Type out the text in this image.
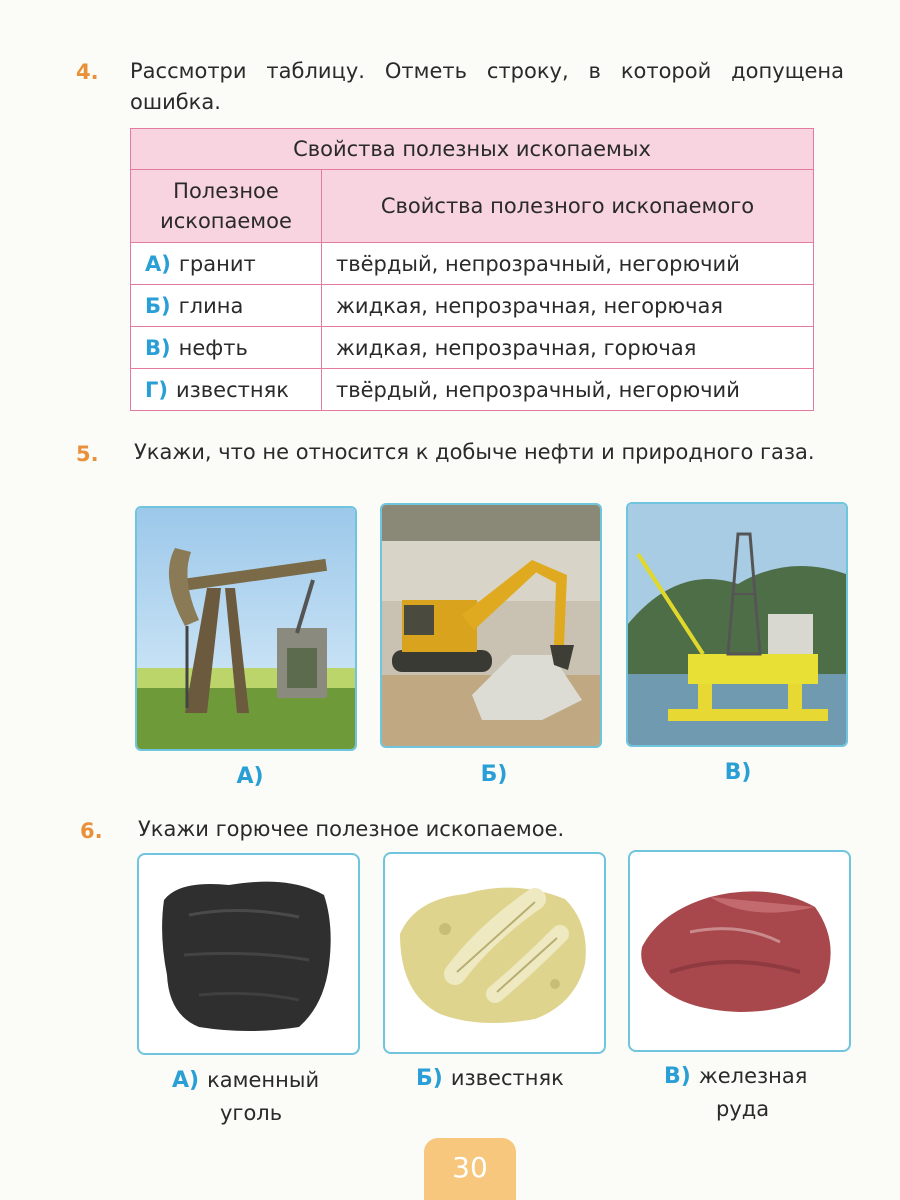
4. Рассмотри таблицу. Отметь строку, в которой допущена ошибка.
Свойства полезных ископаемых	
Полезное ископаемое	Свойства полезного ископаемого
А) гранит	твёрдый, непрозрачный, негорючий
Б) глина	жидкая, непрозрачная, негорючая
В) нефть	жидкая, непрозрачная, горючая
Г) известняк	твёрдый, непрозрачный, негорючий
5. Укажи, что не относится к добыче нефти и природного газа.
А)	Б)	В)
6. Укажи горючее полезное ископаемое.
А) каменный
уголь
Б) известняк	В) железная
руда
30
